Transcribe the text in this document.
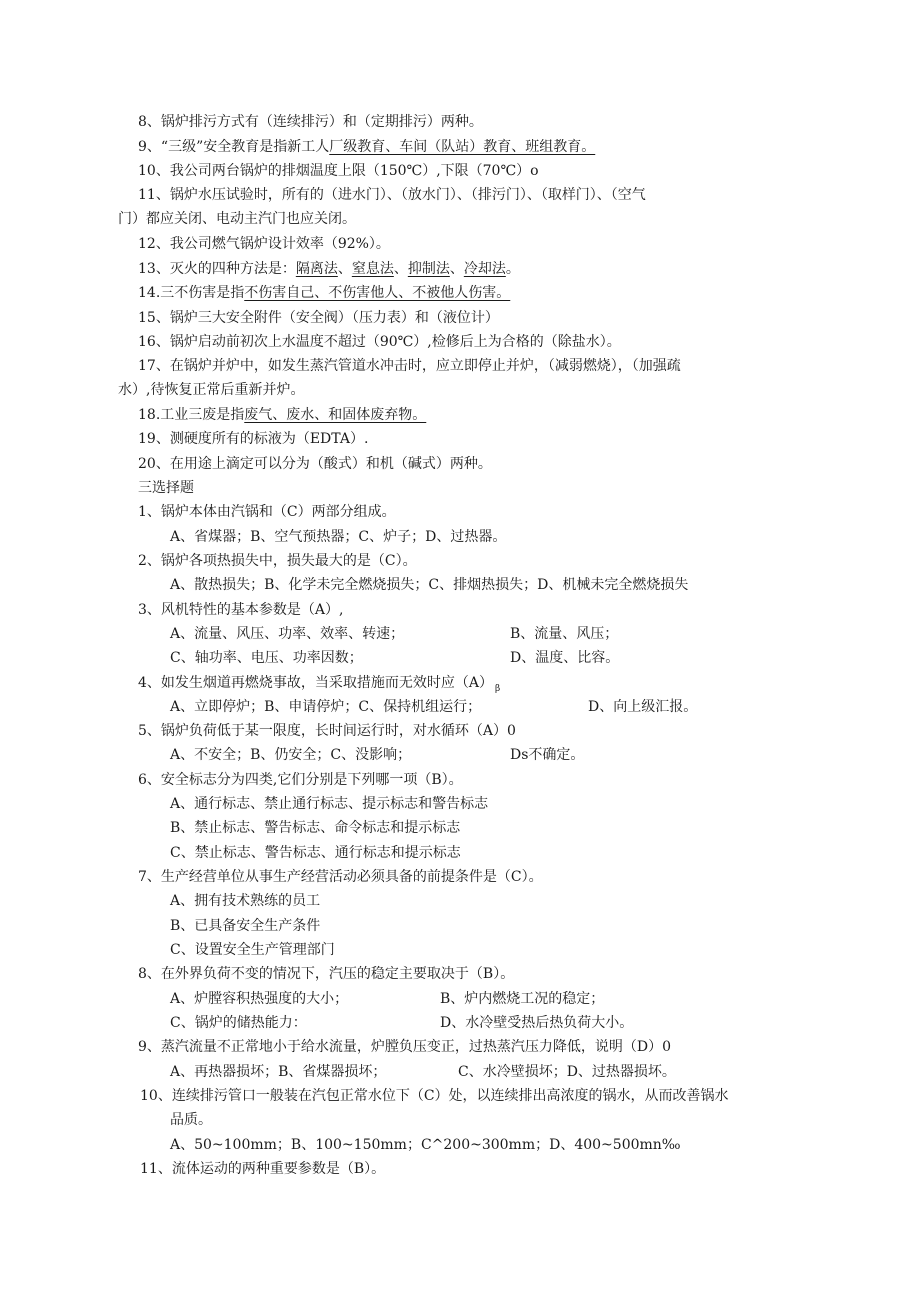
8、锅炉排污方式有（连续排污）和（定期排污）两种。
9、“三级”安全教育是指新工人厂级教育、车间（队站）教育、班组教育。
10、我公司两台锅炉的排烟温度上限（150℃）,下限（70℃）o
11、锅炉水压试验时，所有的（进水门）、（放水门）、（排污门）、（取样门）、（空气
门）都应关闭、电动主汽门也应关闭。
12、我公司燃气锅炉设计效率（92%）。
13、灭火的四种方法是：隔离法、窒息法、抑制法、冷却法。
14.三不伤害是指不伤害自己、不伤害他人、不被他人伤害。
15、锅炉三大安全附件（安全阀）（压力表）和（液位计）
16、锅炉启动前初次上水温度不超过（90℃）,检修后上为合格的（除盐水）。
17、在锅炉并炉中，如发生蒸汽管道水冲击时，应立即停止并炉，（减弱燃烧），（加强疏
水）,待恢复正常后重新并炉。
18.工业三废是指废气、废水、和固体废弃物。
19、测硬度所有的标液为（EDTA）.
20、在用途上滴定可以分为（酸式）和机（碱式）两种。
三选择题
1、锅炉本体由汽锅和（C）两部分组成。
A、省煤器；B、空气预热器；C、炉子；D、过热器。
2、锅炉各项热损失中，损失最大的是（C）。
A、散热损失；B、化学未完全燃烧损失；C、排烟热损失；D、机械未完全燃烧损失
3、风机特性的基本参数是（A）,
A、流量、风压、功率、效率、转速；	B、流量、风压；
C、轴功率、电压、功率因数；	D、温度、比容。
4、如发生烟道再燃烧事故，当采取措施而无效时应（A） $_\beta$
A、立即停炉；B、申请停炉；C、保持机组运行；	D、向上级汇报。
5、锅炉负荷低于某一限度，长时间运行时，对水循环（A）0
A、不安全；B、仍安全；C、没影响；	Ds不确定。
6、安全标志分为四类,它们分别是下列哪一项（B）。
A、通行标志、禁止通行标志、提示标志和警告标志
B、禁止标志、警告标志、命令标志和提示标志
C、禁止标志、警告标志、通行标志和提示标志
7、生产经营单位从事生产经营活动必须具备的前提条件是（C）。
A、拥有技术熟练的员工
B、已具备安全生产条件
C、设置安全生产管理部门
8、在外界负荷不变的情况下，汽压的稳定主要取决于（B）。
A、炉膛容积热强度的大小；	B、炉内燃烧工况的稳定；
C、锅炉的储热能力：	D、水冷壁受热后热负荷大小。
9、蒸汽流量不正常地小于给水流量，炉膛负压变正，过热蒸汽压力降低，说明（D）0
A、再热器损坏；B、省煤器损坏；	C、水冷壁损坏；D、过热器损坏。
10、连续排污管口一般装在汽包正常水位下（C）处，以连续排出高浓度的锅水，从而改善锅水
品质。
A、50~100mm；B、100~150mm；C^200~300mm；D、400~500mn‰
11、流体运动的两种重要参数是（B）。
